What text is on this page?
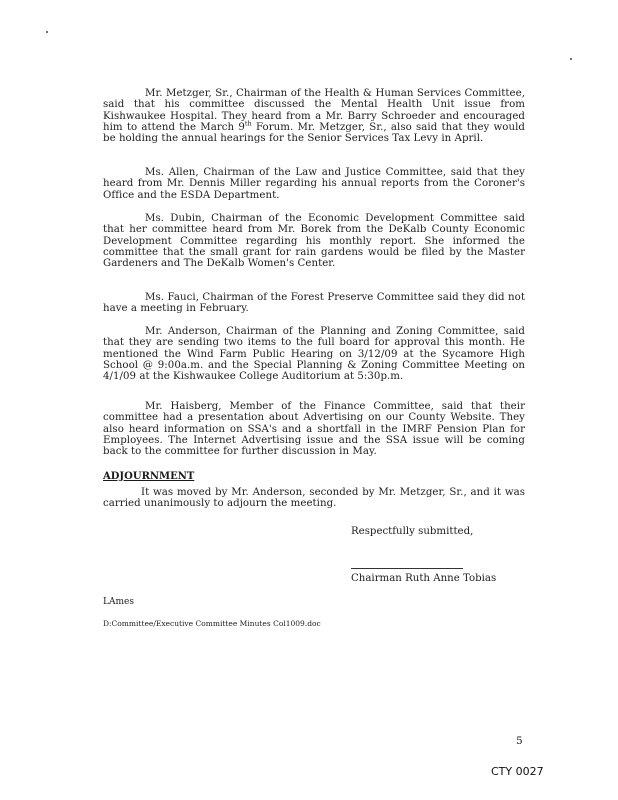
Mr. Metzger, Sr., Chairman of the Health & Human Services Committee, said that his committee discussed the Mental Health Unit issue from Kishwaukee Hospital. They heard from a Mr. Barry Schroeder and encouraged him to attend the March 9th Forum. Mr. Metzger, Sr., also said that they would be holding the annual hearings for the Senior Services Tax Levy in April.

Ms. Allen, Chairman of the Law and Justice Committee, said that they heard from Mr. Dennis Miller regarding his annual reports from the Coroner's Office and the ESDA Department.

Ms. Dubin, Chairman of the Economic Development Committee said that her committee heard from Mr. Borek from the DeKalb County Economic Development Committee regarding his monthly report. She informed the committee that the small grant for rain gardens would be filed by the Master Gardeners and The DeKalb Women's Center.

Ms. Fauci, Chairman of the Forest Preserve Committee said they did not have a meeting in February.

Mr. Anderson, Chairman of the Planning and Zoning Committee, said that they are sending two items to the full board for approval this month. He mentioned the Wind Farm Public Hearing on 3/12/09 at the Sycamore High School @ 9:00a.m. and the Special Planning & Zoning Committee Meeting on 4/1/09 at the Kishwaukee College Auditorium at 5:30p.m.

Mr. Haisberg, Member of the Finance Committee, said that their committee had a presentation about Advertising on our County Website. They also heard information on SSA's and a shortfall in the IMRF Pension Plan for Employees. The Internet Advertising issue and the SSA issue will be coming back to the committee for further discussion in May.

ADJOURNMENT

It was moved by Mr. Anderson, seconded by Mr. Metzger, Sr., and it was carried unanimously to adjourn the meeting.

Respectfully submitted,
Chairman Ruth Anne Tobias
LAmes
D:Committee/Executive Committee Minutes Col1009.doc
5
CTY 0027
